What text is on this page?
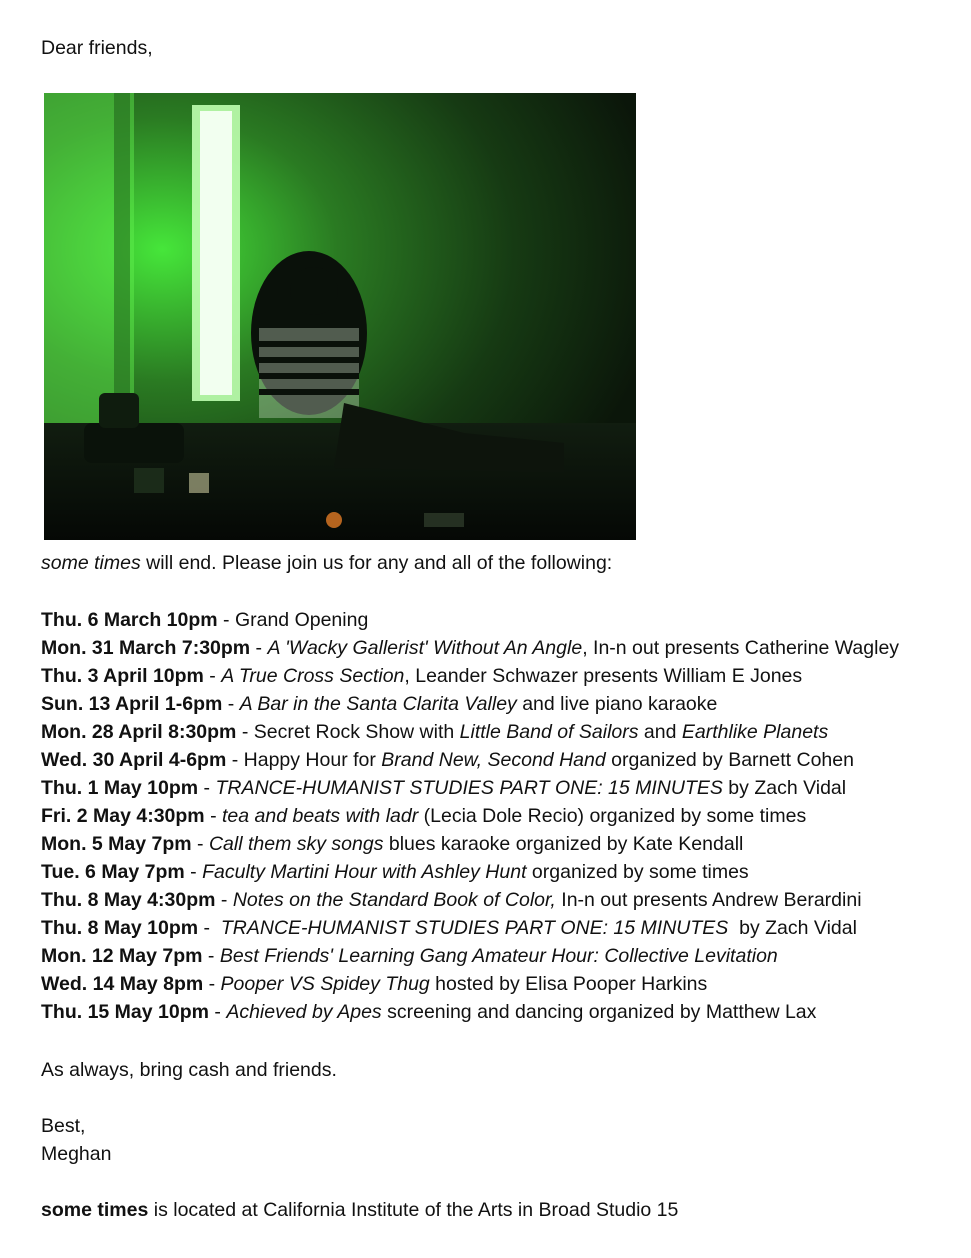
Dear friends,
some times will end. Please join us for any and all of the following:
Thu. 6 March 10pm - Grand Opening
Mon. 31 March 7:30pm - A 'Wacky Gallerist' Without An Angle, In-n out presents Catherine Wagley
Thu. 3 April 10pm - A True Cross Section, Leander Schwazer presents William E Jones
Sun. 13 April 1-6pm - A Bar in the Santa Clarita Valley and live piano karaoke
Mon. 28 April 8:30pm - Secret Rock Show with Little Band of Sailors and Earthlike Planets
Wed. 30 April 4-6pm - Happy Hour for Brand New, Second Hand organized by Barnett Cohen
Thu. 1 May 10pm - TRANCE-HUMANIST STUDIES PART ONE: 15 MINUTES by Zach Vidal
Fri. 2 May 4:30pm - tea and beats with ladr (Lecia Dole Recio) organized by some times
Mon. 5 May 7pm - Call them sky songs blues karaoke organized by Kate Kendall
Tue. 6 May 7pm - Faculty Martini Hour with Ashley Hunt organized by some times
Thu. 8 May 4:30pm - Notes on the Standard Book of Color, In-n out presents Andrew Berardini
Thu. 8 May 10pm -  TRANCE-HUMANIST STUDIES PART ONE: 15 MINUTES  by Zach Vidal
Mon. 12 May 7pm - Best Friends' Learning Gang Amateur Hour: Collective Levitation
Wed. 14 May 8pm - Pooper VS Spidey Thug hosted by Elisa Pooper Harkins
Thu. 15 May 10pm - Achieved by Apes screening and dancing organized by Matthew Lax
As always, bring cash and friends.
Best,
Meghan
some times is located at California Institute of the Arts in Broad Studio 15
